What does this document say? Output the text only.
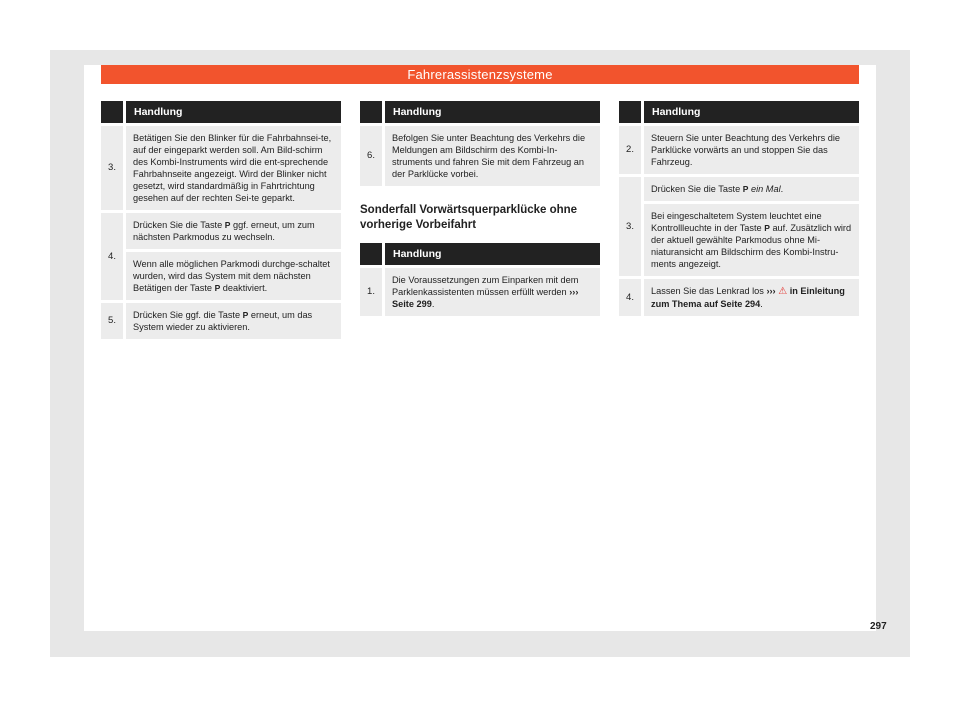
Fahrerassistenzsysteme
	Handlung
3.	Betätigen Sie den Blinker für die Fahrbahnsei-te, auf der eingeparkt werden soll. Am Bild-schirm des Kombi-Instruments wird die ent-sprechende Fahrbahnseite angezeigt. Wird der Blinker nicht gesetzt, wird standardmäßig in Fahrtrichtung gesehen auf der rechten Sei-te geparkt.
4.	Drücken Sie die Taste P ggf. erneut, um zum nächsten Parkmodus zu wechseln.
	Wenn alle möglichen Parkmodi durchge-schaltet wurden, wird das System mit dem nächsten Betätigen der Taste P deaktiviert.
5.	Drücken Sie ggf. die Taste P erneut, um das System wieder zu aktivieren.
	Handlung
6.	Befolgen Sie unter Beachtung des Verkehrs die Meldungen am Bildschirm des Kombi-In-struments und fahren Sie mit dem Fahrzeug an der Parklücke vorbei.
Sonderfall Vorwärtsquerparklücke ohne vorherige Vorbeifahrt
	Handlung
1.	Die Voraussetzungen zum Einparken mit dem Parklenkassistenten müssen erfüllt werden ››› Seite 299.
	Handlung
2.	Steuern Sie unter Beachtung des Verkehrs die Parklücke vorwärts an und stoppen Sie das Fahrzeug.
3.	Drücken Sie die Taste P ein Mal.
	Bei eingeschaltetem System leuchtet eine Kontrollleuchte in der Taste P auf. Zusätzlich wird der aktuell gewählte Parkmodus ohne Mi-niaturansicht am Bildschirm des Kombi-Instru-ments angezeigt.
4.	Lassen Sie das Lenkrad los ››› ⚠ in Einleitung zum Thema auf Seite 294.
297
